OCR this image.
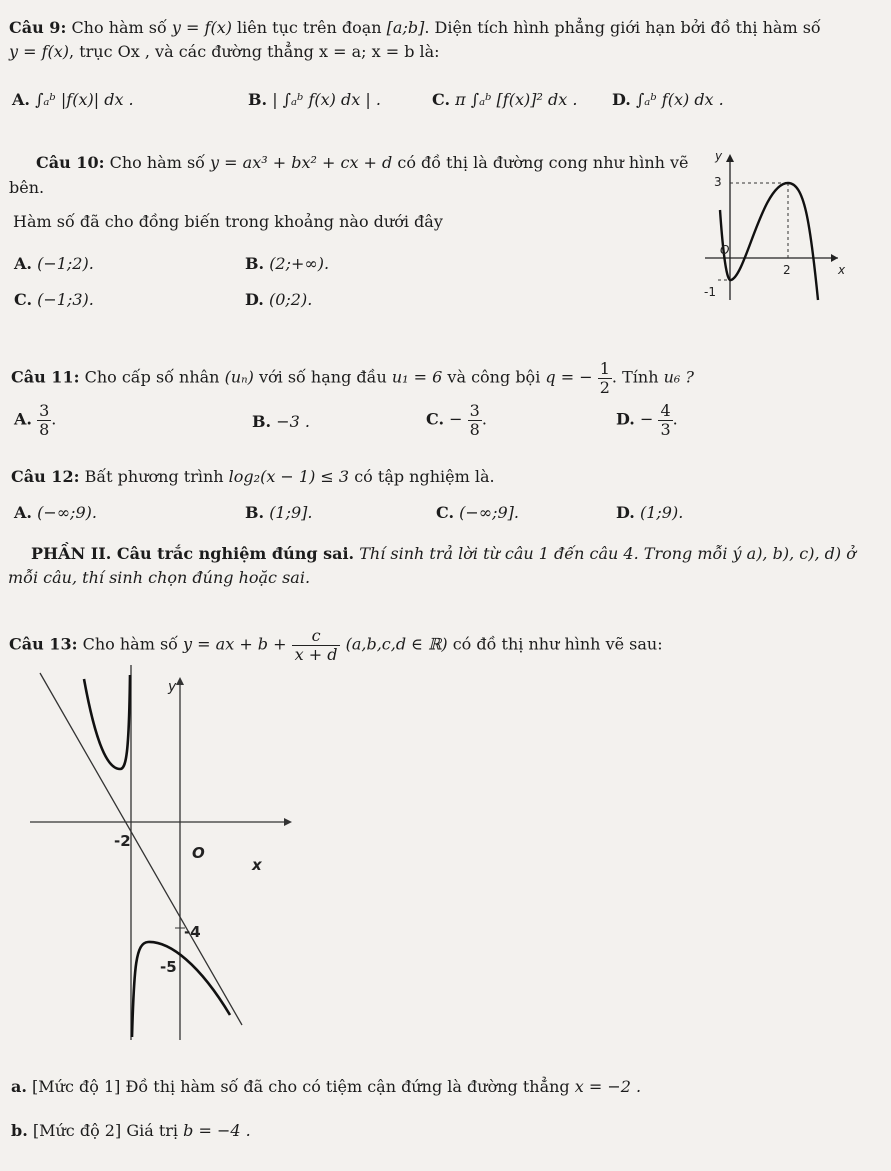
Câu 9: Cho hàm số y = f(x) liên tục trên đoạn [a;b]. Diện tích hình phẳng giới hạn bởi đồ thị hàm số
y = f(x), trục Ox , và các đường thẳng x = a; x = b là:
A. ∫ₐᵇ |f(x)| dx .	B. | ∫ₐᵇ f(x) dx | .	C. π ∫ₐᵇ [f(x)]² dx . D. ∫ₐᵇ f(x) dx .
Câu 10: Cho hàm số y = ax³ + bx² + cx + d có đồ thị là đường cong như hình vẽ
bên.
Hàm số đã cho đồng biến trong khoảng nào dưới đây
A. (−1;2).	B. (2;+∞).
C. (−1;3).	D. (0;2).
y
x
3
O
2
-1
Câu 11: Cho cấp số nhân (uₙ) với số hạng đầu u₁ = 6 và công bội q = − $\frac{1}{2}$ . Tính u₆ ?
A. $\frac{3}{8}$ .	B. −3 .	C. − $\frac{3}{8}$ .	D. − $\frac{4}{3}$ .
Câu 12: Bất phương trình log₂(x − 1) ≤ 3 có tập nghiệm là.
A. (−∞;9).	B. (1;9].	C. (−∞;9].	D. (1;9).
PHẦN II. Câu trắc nghiệm đúng sai. Thí sinh trả lời từ câu 1 đến câu 4. Trong mỗi ý a), b), c), d) ở
mỗi câu, thí sinh chọn đúng hoặc sai.
Câu 13: Cho hàm số y = ax + $b + \frac{c}{x + d} (a,b,c,d$ ∈ ℝ) có đồ thị như hình vẽ sau:
y
x
O
-2
-4
-5
a. [Mức độ 1] Đồ thị hàm số đã cho có tiệm cận đứng là đường thẳng x = −2 .
b. [Mức độ 2] Giá trị b = −4 .
